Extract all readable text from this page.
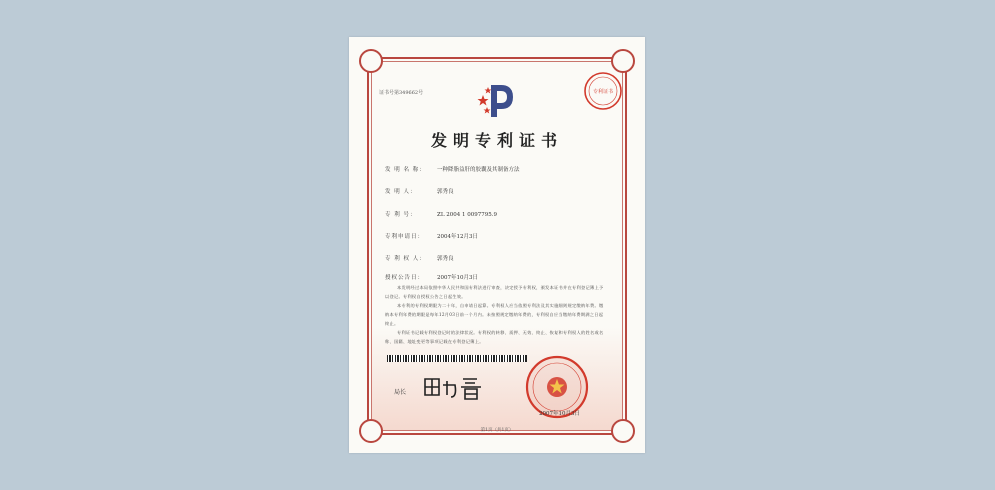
证书号第349662号	专利证书
发明专利证书
发 明 名 称： 一种降脂益肝的胶囊及其制备方法
发 明 人：	郭秀良
专 利 号：	ZL 2004 1 0097795.9
专利申请日： 2004年12月3日
专 利 权 人： 郭秀良
授权公告日： 2007年10月3日

本发明经过本局依照中华人民共和国专利法进行审查，决定授予专利权，颁发本证书并在专利登记簿上予以登记。专利权自授权公告之日起生效。

本专利的专利权期限为二十年，自申请日起算。专利权人应当依照专利法及其实施细则规定缴纳年费。缴纳本专利年费的期限是每年12月03日前一个月内。未按照规定缴纳年费的，专利权自应当缴纳年费期满之日起终止。

专利证书记载专利权登记时的法律状况。专利权的转移、质押、无效、终止、恢复和专利权人的姓名或名称、国籍、地址变更等事项记载在专利登记簿上。

局长
2007年10月3日
第1页（共1页）
